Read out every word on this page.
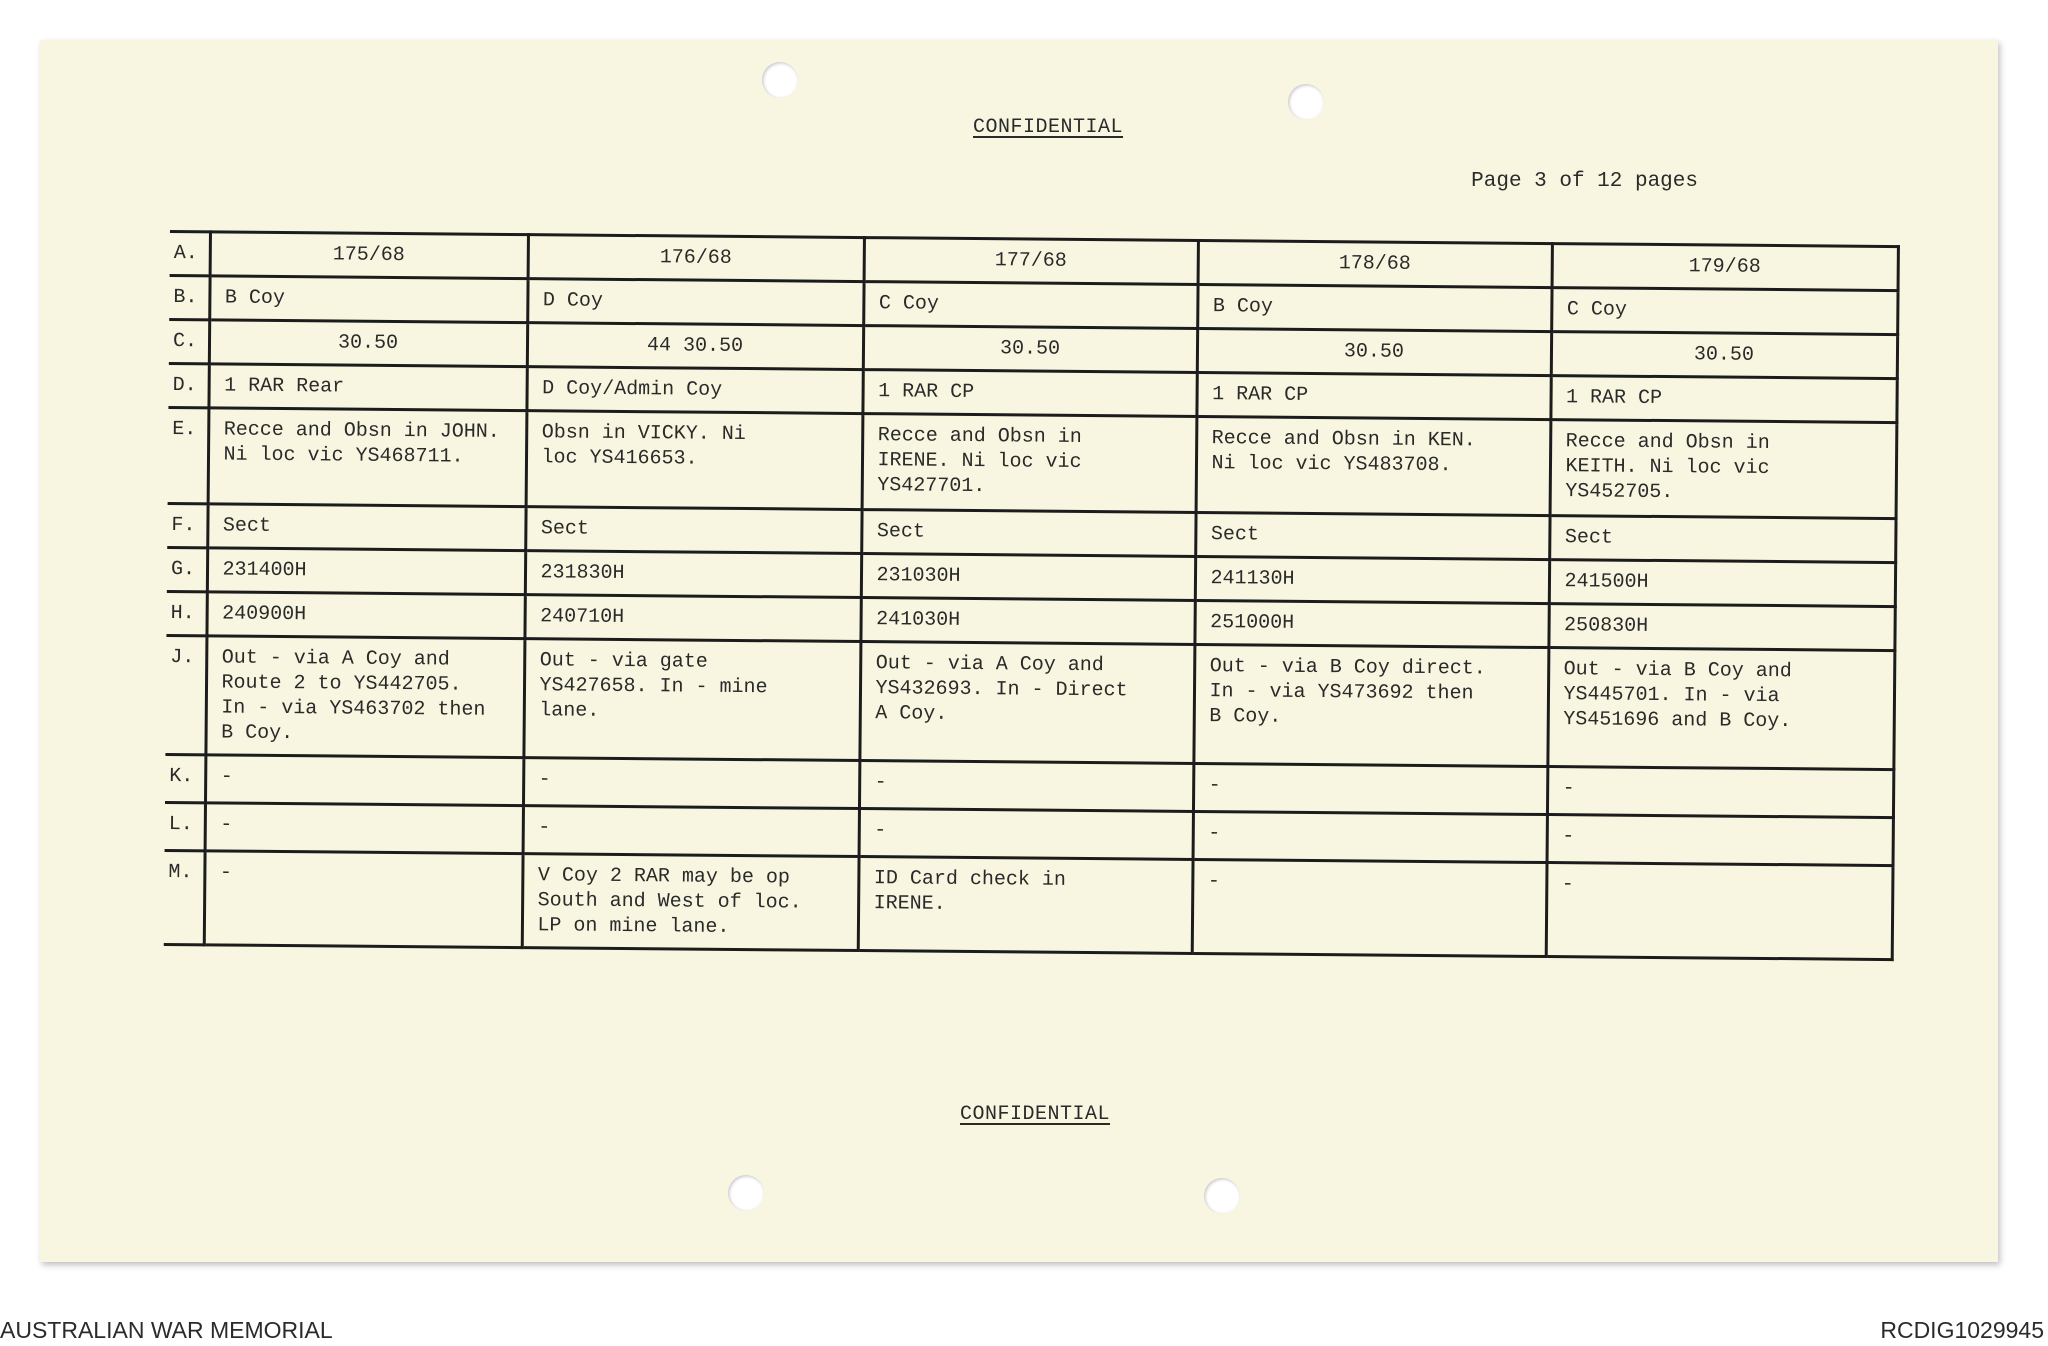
CONFIDENTIAL
Page 3 of 12 pages
A.	175/68	176/68	177/68	178/68	179/68
B.	B Coy	D Coy	C Coy	B Coy	C Coy
C.	30.50	44 30.50	30.50	30.50	30.50
D.	1 RAR Rear	D Coy/Admin Coy	1 RAR CP	1 RAR CP	1 RAR CP
E.	Recce and Obsn in JOHN.
Ni loc vic YS468711.	Obsn in VICKY. Ni
loc YS416653.	Recce and Obsn in
IRENE. Ni loc vic
YS427701.	Recce and Obsn in KEN.
Ni loc vic YS483708.	Recce and Obsn in
KEITH. Ni loc vic
YS452705.
F.	Sect	Sect	Sect	Sect	Sect
G.	231400H	231830H	231030H	241130H	241500H
H.	240900H	240710H	241030H	251000H	250830H
J.	Out - via A Coy and
Route 2 to YS442705.
In - via YS463702 then
B Coy.	Out - via gate
YS427658. In - mine
lane.	Out - via A Coy and
YS432693. In - Direct
A Coy.	Out - via B Coy direct.
In - via YS473692 then
B Coy.	Out - via B Coy and
YS445701. In - via
YS451696 and B Coy.
K.	-	-	-	-	-
L.	-	-	-	-	-
M.	-	V Coy 2 RAR may be op
South and West of loc.
LP on mine lane.	ID Card check in
IRENE.	-	-
CONFIDENTIAL
AUSTRALIAN WAR MEMORIAL	RCDIG1029945
